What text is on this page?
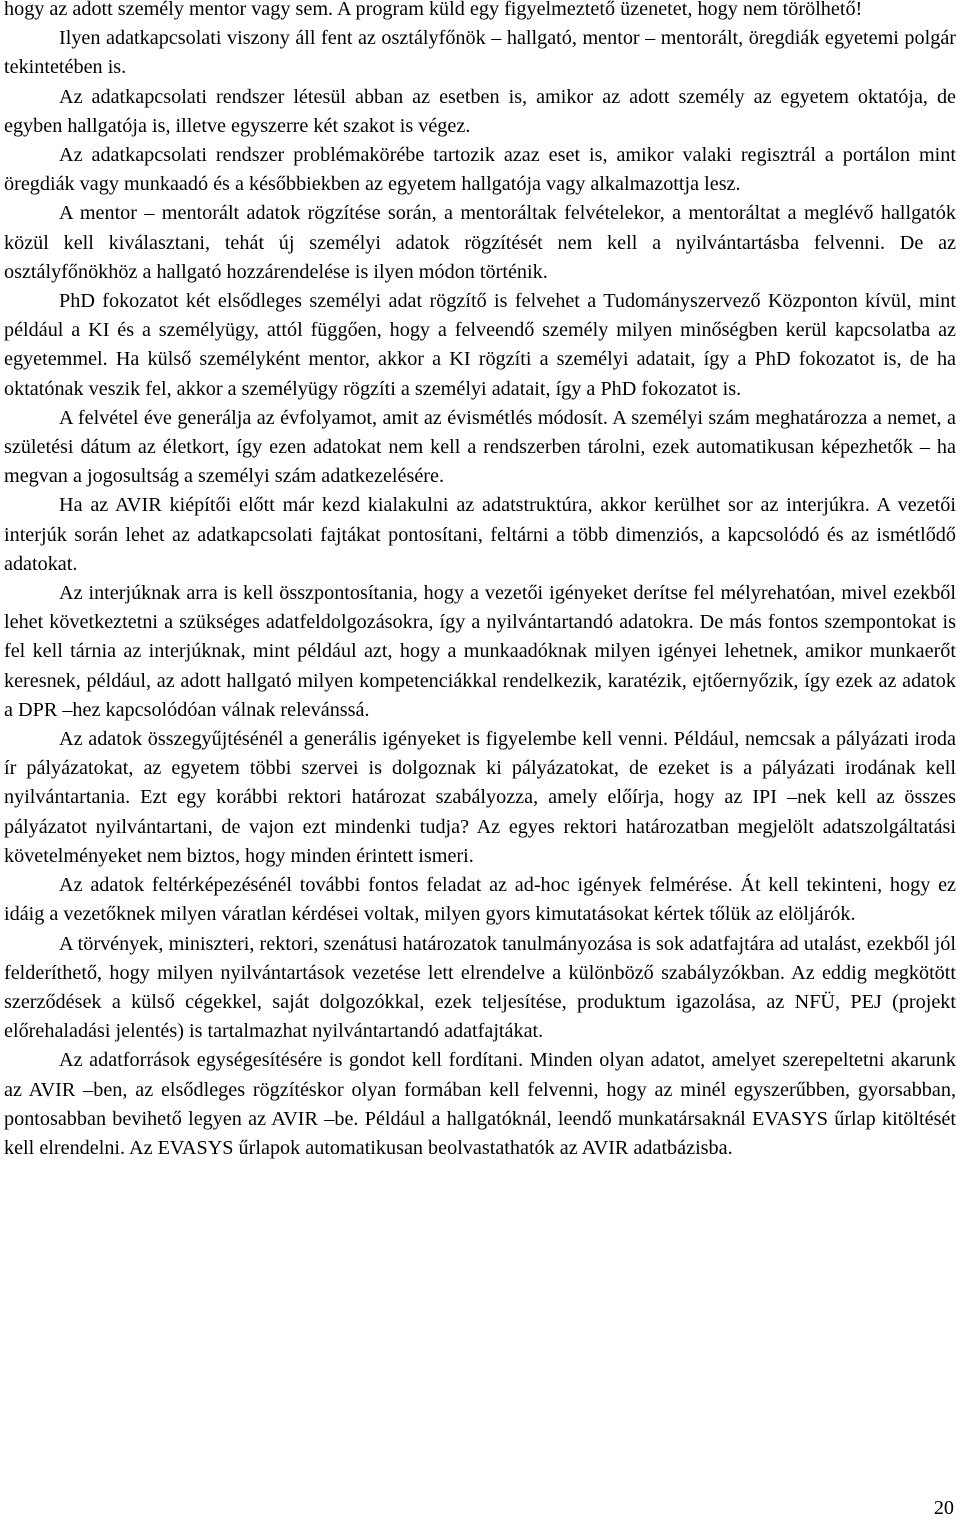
hogy az adott személy mentor vagy sem. A program küld egy figyelmeztető üzenetet, hogy nem törölhető!

Ilyen adatkapcsolati viszony áll fent az osztályfőnök – hallgató, mentor – mentorált, öregdiák egyetemi polgár tekintetében is.

Az adatkapcsolati rendszer létesül abban az esetben is, amikor az adott személy az egyetem oktatója, de egyben hallgatója is, illetve egyszerre két szakot is végez.

Az adatkapcsolati rendszer problémakörébe tartozik azaz eset is, amikor valaki regisztrál a portálon mint öregdiák vagy munkaadó és a későbbiekben az egyetem hallgatója vagy alkalmazottja lesz.

A mentor – mentorált adatok rögzítése során, a mentoráltak felvételekor, a mentoráltat a meglévő hallgatók közül kell kiválasztani, tehát új személyi adatok rögzítését nem kell a nyilvántartásba felvenni. De az osztályfőnökhöz a hallgató hozzárendelése is ilyen módon történik.

PhD fokozatot két elsődleges személyi adat rögzítő is felvehet a Tudományszervező Központon kívül, mint például a KI és a személyügy, attól függően, hogy a felveendő személy milyen minőségben kerül kapcsolatba az egyetemmel. Ha külső személyként mentor, akkor a KI rögzíti a személyi adatait, így a PhD fokozatot is, de ha oktatónak veszik fel, akkor a személyügy rögzíti a személyi adatait, így a PhD fokozatot is.

A felvétel éve generálja az évfolyamot, amit az évismétlés módosít. A személyi szám meghatározza a nemet, a születési dátum az életkort, így ezen adatokat nem kell a rendszerben tárolni, ezek automatikusan képezhetők – ha megvan a jogosultság a személyi szám adatkezelésére.

Ha az AVIR kiépítői előtt már kezd kialakulni az adatstruktúra, akkor kerülhet sor az interjúkra. A vezetői interjúk során lehet az adatkapcsolati fajtákat pontosítani, feltárni a több dimenziós, a kapcsolódó és az ismétlődő adatokat.

Az interjúknak arra is kell összpontosítania, hogy a vezetői igényeket derítse fel mélyrehatóan, mivel ezekből lehet következtetni a szükséges adatfeldolgozásokra, így a nyilvántartandó adatokra. De más fontos szempontokat is fel kell tárnia az interjúknak, mint például azt, hogy a munkaadóknak milyen igényei lehetnek, amikor munkaerőt keresnek, például, az adott hallgató milyen kompetenciákkal rendelkezik, karatézik, ejtőernyőzik, így ezek az adatok a DPR –hez kapcsolódóan válnak relevánssá.

Az adatok összegyűjtésénél a generális igényeket is figyelembe kell venni. Például, nemcsak a pályázati iroda ír pályázatokat, az egyetem többi szervei is dolgoznak ki pályázatokat, de ezeket is a pályázati irodának kell nyilvántartania. Ezt egy korábbi rektori határozat szabályozza, amely előírja, hogy az IPI –nek kell az összes pályázatot nyilvántartani, de vajon ezt mindenki tudja? Az egyes rektori határozatban megjelölt adatszolgáltatási követelményeket nem biztos, hogy minden érintett ismeri.

Az adatok feltérképezésénél további fontos feladat az ad-hoc igények felmérése. Át kell tekinteni, hogy ez idáig a vezetőknek milyen váratlan kérdései voltak, milyen gyors kimutatásokat kértek tőlük az elöljárók.

A törvények, miniszteri, rektori, szenátusi határozatok tanulmányozása is sok adatfajtára ad utalást, ezekből jól felderíthető, hogy milyen nyilvántartások vezetése lett elrendelve a különböző szabályzókban. Az eddig megkötött szerződések a külső cégekkel, saját dolgozókkal, ezek teljesítése, produktum igazolása, az NFÜ, PEJ (projekt előrehaladási jelentés) is tartalmazhat nyilvántartandó adatfajtákat.

Az adatforrások egységesítésére is gondot kell fordítani. Minden olyan adatot, amelyet szerepeltetni akarunk az AVIR –ben, az elsődleges rögzítéskor olyan formában kell felvenni, hogy az minél egyszerűbben, gyorsabban, pontosabban bevihető legyen az AVIR –be. Például a hallgatóknál, leendő munkatársaknál EVASYS űrlap kitöltését kell elrendelni. Az EVASYS űrlapok automatikusan beolvastathatók az AVIR adatbázisba.

20
